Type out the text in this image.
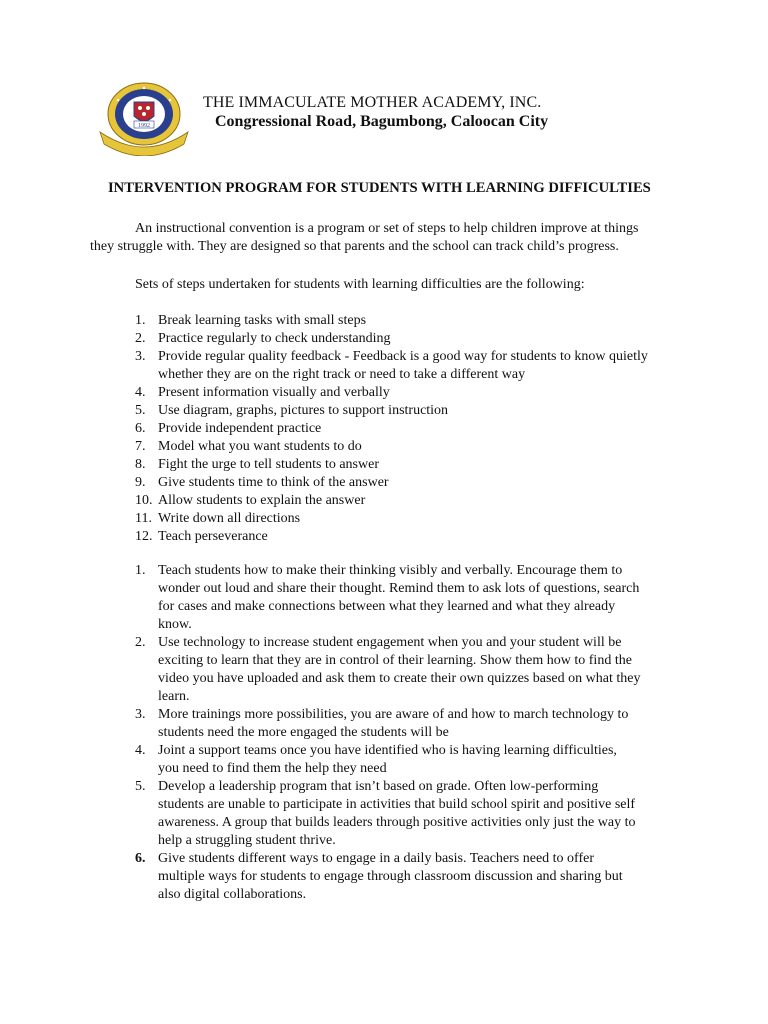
1992
THE IMMACULATE MOTHER ACADEMY, INC.
Congressional Road, Bagumbong, Caloocan City
INTERVENTION PROGRAM FOR STUDENTS WITH LEARNING DIFFICULTIES
An instructional convention is a program or set of steps to help children improve at things
they struggle with. They are designed so that parents and the school can track child’s progress.
Sets of steps undertaken for students with learning difficulties are the following:
1. Break learning tasks with small steps
2. Practice regularly to check understanding
3. Provide regular quality feedback - Feedback is a good way for students to know quietly whether they are on the right track or need to take a different way
4. Present information visually and verbally
5. Use diagram, graphs, pictures to support instruction
6. Provide independent practice
7. Model what you want students to do
8. Fight the urge to tell students to answer
9. Give students time to think of the answer
10. Allow students to explain the answer
11. Write down all directions
12. Teach perseverance
1. Teach students how to make their thinking visibly and verbally. Encourage them to
wonder out loud and share their thought. Remind them to ask lots of questions, search
for cases and make connections between what they learned and what they already
know.
2. Use technology to increase student engagement when you and your student will be
exciting to learn that they are in control of their learning. Show them how to find the
video you have uploaded and ask them to create their own quizzes based on what they
learn.
3. More trainings more possibilities, you are aware of and how to march technology to
students need the more engaged the students will be
4. Joint a support teams once you have identified who is having learning difficulties,
you need to find them the help they need
5. Develop a leadership program that isn’t based on grade. Often low-performing
students are unable to participate in activities that build school spirit and positive self
awareness. A group that builds leaders through positive activities only just the way to
help a struggling student thrive.
6. Give students different ways to engage in a daily basis. Teachers need to offer
multiple ways for students to engage through classroom discussion and sharing but
also digital collaborations.
